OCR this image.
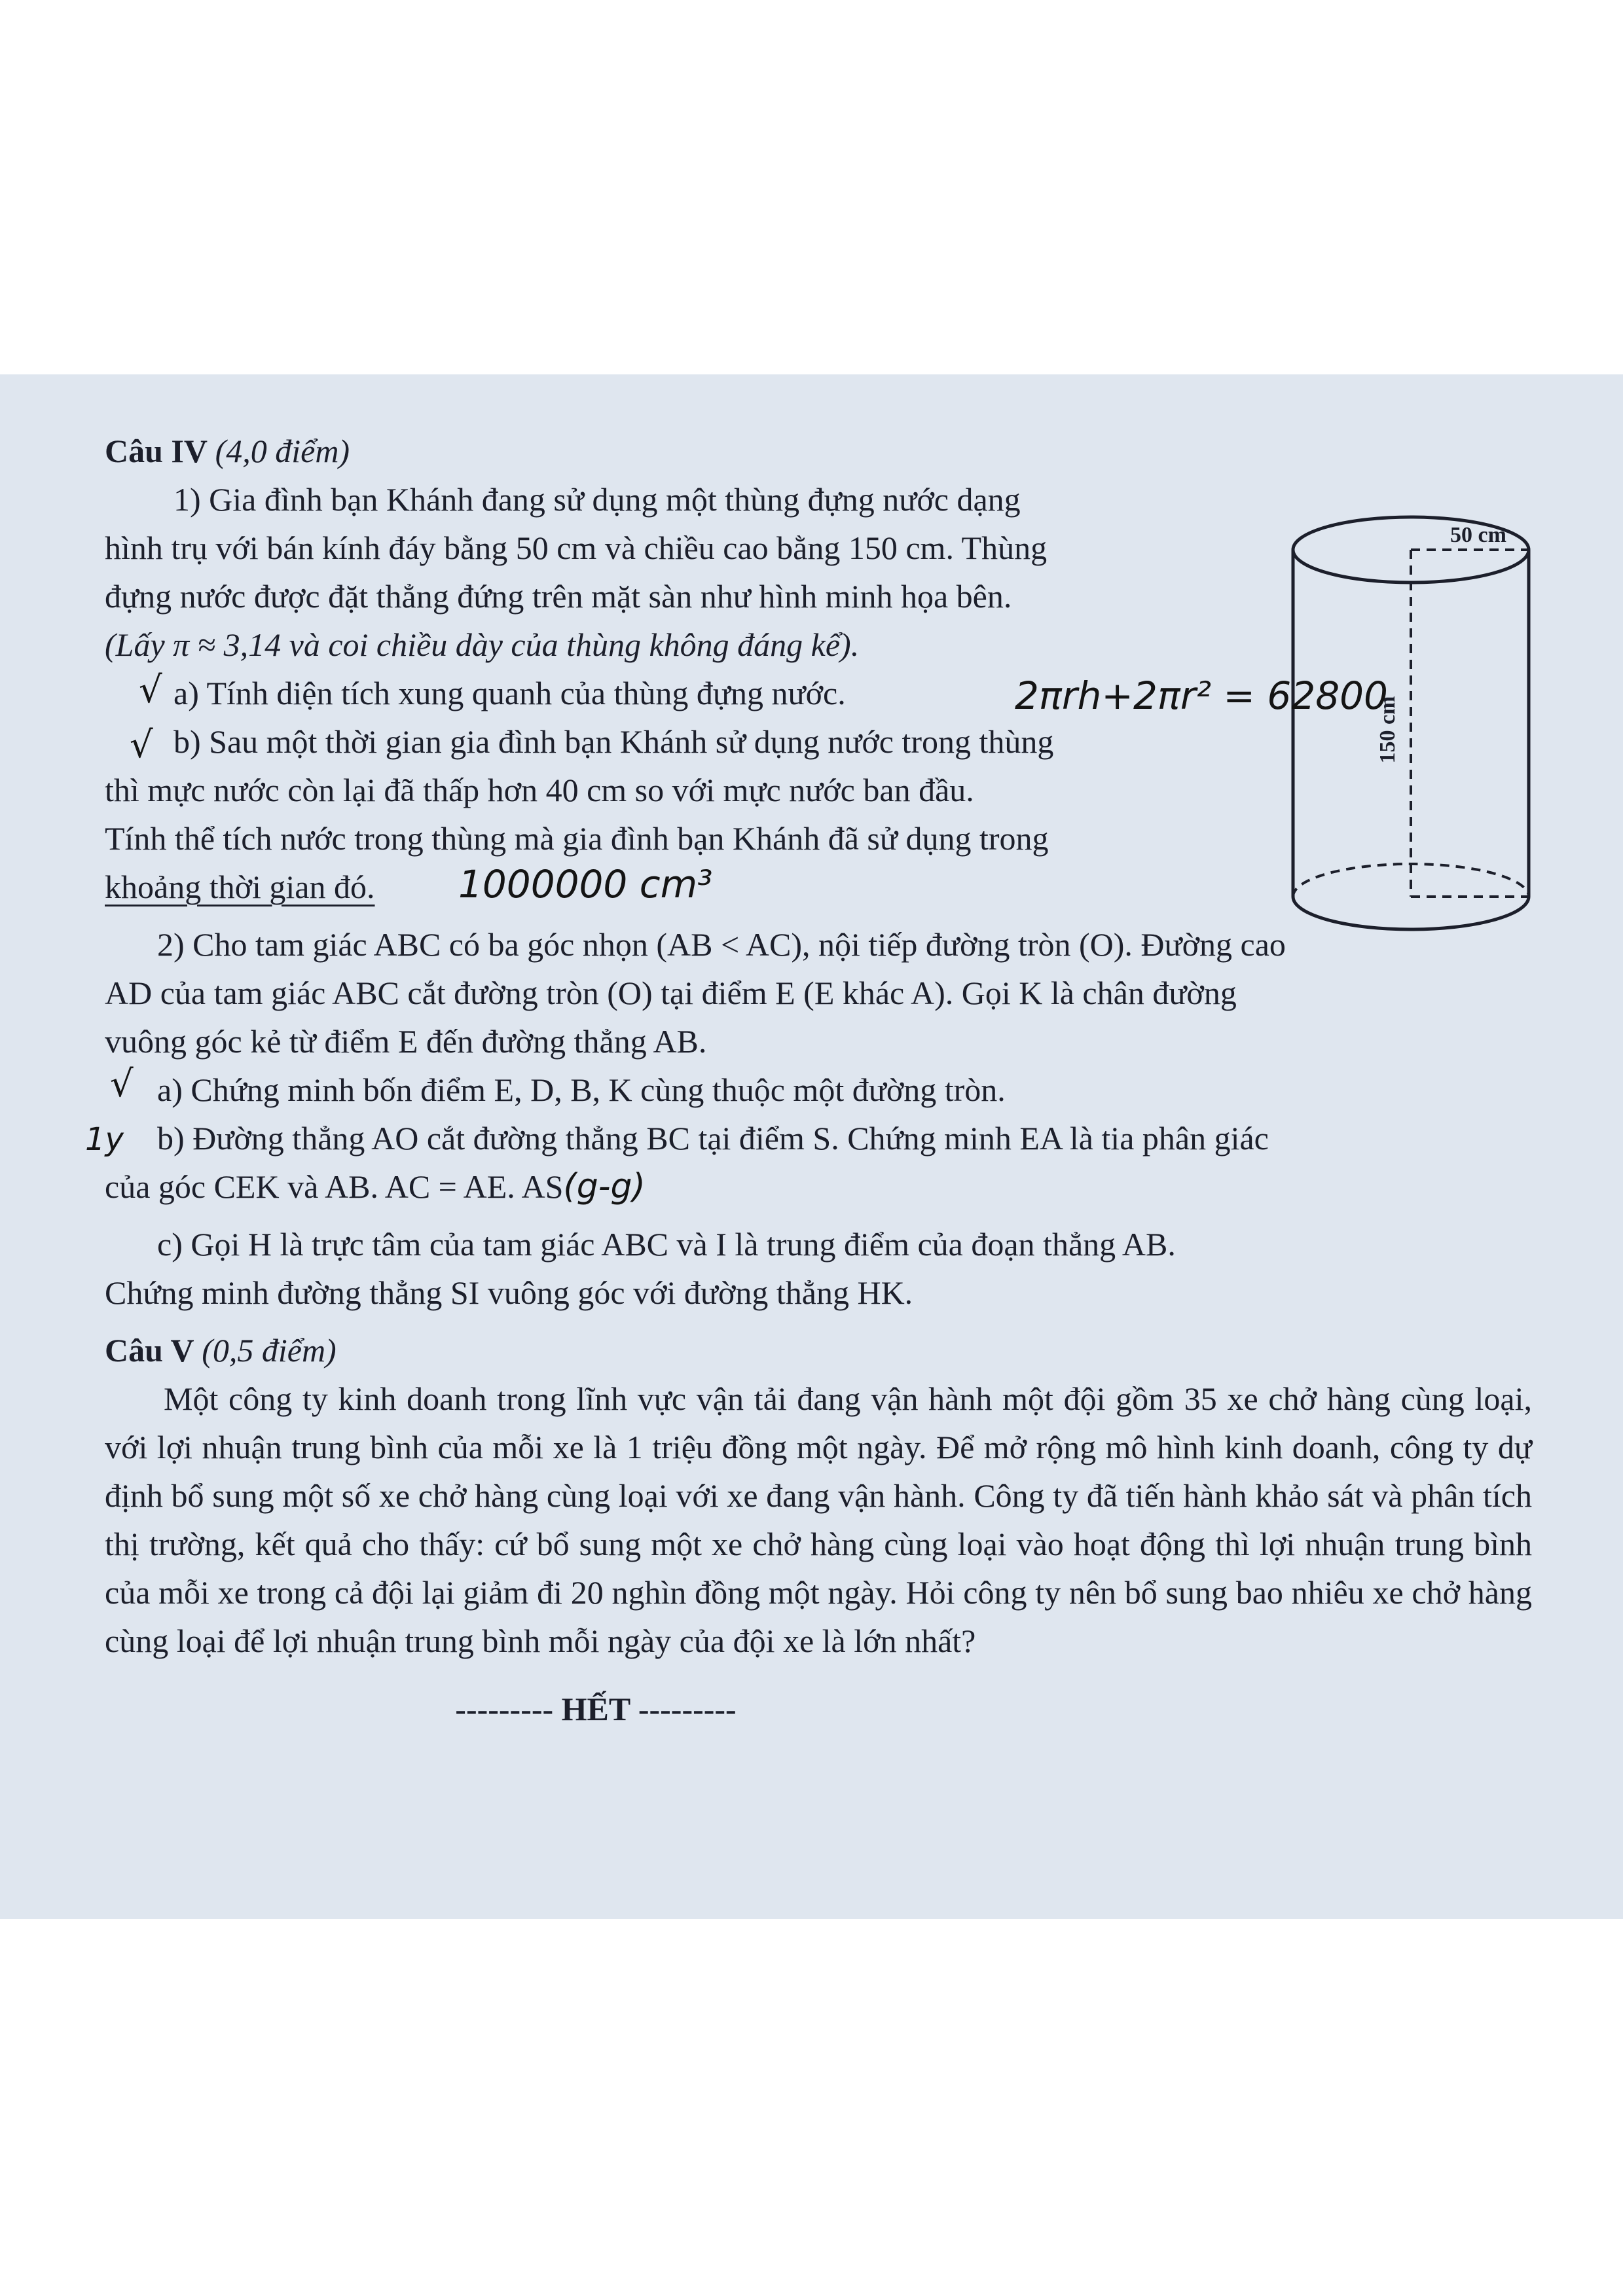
50 cm
150 cm
Câu IV (4,0 điểm)
1) Gia đình bạn Khánh đang sử dụng một thùng đựng nước dạng
hình trụ với bán kính đáy bằng 50 cm và chiều cao bằng 150 cm. Thùng
đựng nước được đặt thẳng đứng trên mặt sàn như hình minh họa bên.
(Lấy π ≈ 3,14 và coi chiều dày của thùng không đáng kể).
√ a) Tính diện tích xung quanh của thùng đựng nước.	2πrh+2πr² = 62800
√ b) Sau một thời gian gia đình bạn Khánh sử dụng nước trong thùng
thì mực nước còn lại đã thấp hơn 40 cm so với mực nước ban đầu.
Tính thể tích nước trong thùng mà gia đình bạn Khánh đã sử dụng trong
khoảng thời gian đó. 1000000 cm³
2) Cho tam giác ABC có ba góc nhọn (AB < AC), nội tiếp đường tròn (O). Đường cao
AD của tam giác ABC cắt đường tròn (O) tại điểm E (E khác A). Gọi K là chân đường
vuông góc kẻ từ điểm E đến đường thẳng AB.
√ a) Chứng minh bốn điểm E, D, B, K cùng thuộc một đường tròn.
1y b) Đường thẳng AO cắt đường thẳng BC tại điểm S. Chứng minh EA là tia phân giác
của góc CEK và AB. AC = AE. AS(g-g)
c) Gọi H là trực tâm của tam giác ABC và I là trung điểm của đoạn thẳng AB.
Chứng minh đường thẳng SI vuông góc với đường thẳng HK.
Câu V (0,5 điểm)
Một công ty kinh doanh trong lĩnh vực vận tải đang vận hành một đội gồm 35 xe chở hàng cùng loại, với lợi nhuận trung bình của mỗi xe là 1 triệu đồng một ngày. Để mở rộng mô hình kinh doanh, công ty dự định bổ sung một số xe chở hàng cùng loại với xe đang vận hành. Công ty đã tiến hành khảo sát và phân tích thị trường, kết quả cho thấy: cứ bổ sung một xe chở hàng cùng loại vào hoạt động thì lợi nhuận trung bình của mỗi xe trong cả đội lại giảm đi 20 nghìn đồng một ngày. Hỏi công ty nên bổ sung bao nhiêu xe chở hàng cùng loại để lợi nhuận trung bình mỗi ngày của đội xe là lớn nhất?
--------- HẾT ---------
